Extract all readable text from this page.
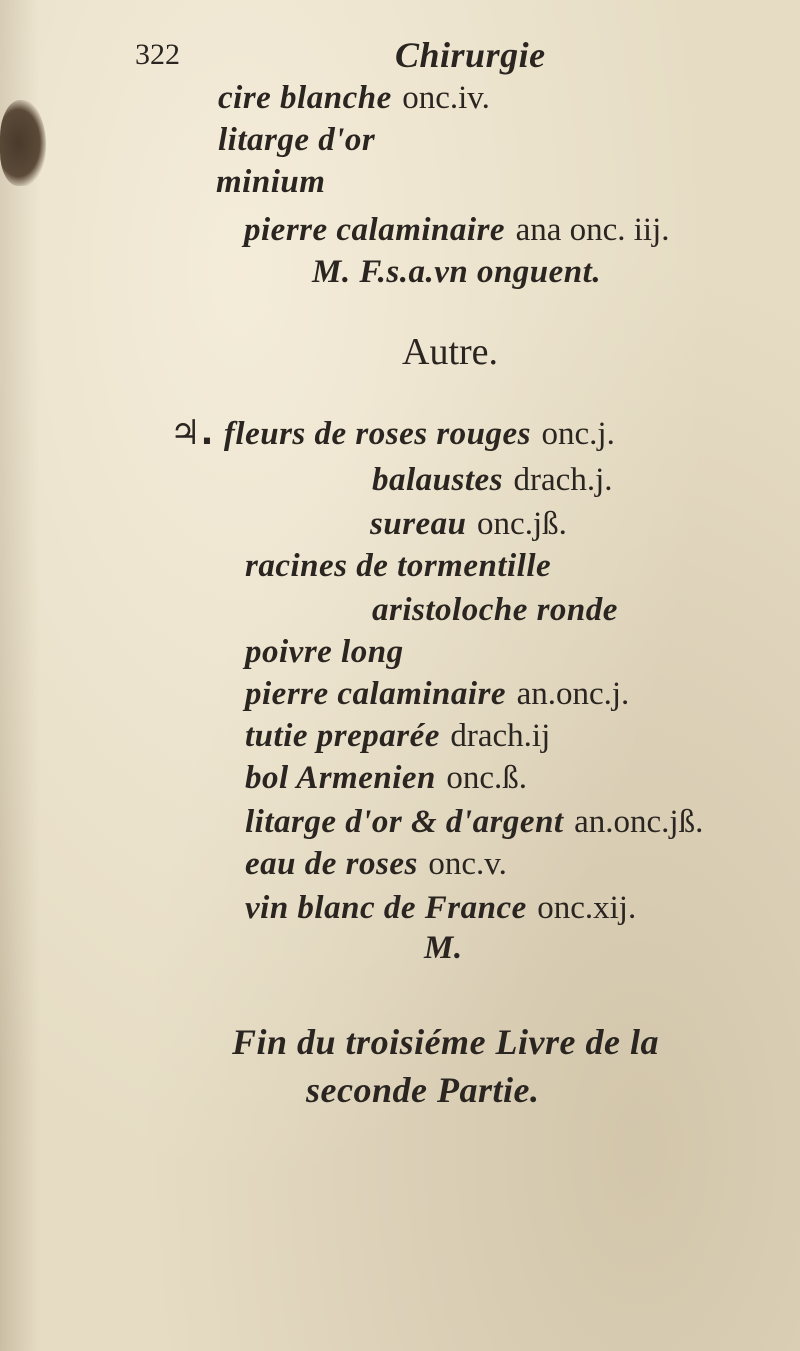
322	Chirurgie
cire blanche onc.iv.
litarge d'or
minium
pierre calaminaire ana onc. iij.
M. F.s.a.vn onguent.
Autre.
♃. fleurs de roses rouges onc.j.
balaustes drach.j.
sureau onc.jß.
racines de tormentille
aristoloche ronde
poivre long
pierre calaminaire an.onc.j.
tutie preparée drach.ij
bol Armenien onc.ß.
litarge d'or & d'argent an.onc.jß.
eau de roses onc.v.
vin blanc de France onc.xij.
M.
Fin du troisiéme Livre de la
seconde Partie.
